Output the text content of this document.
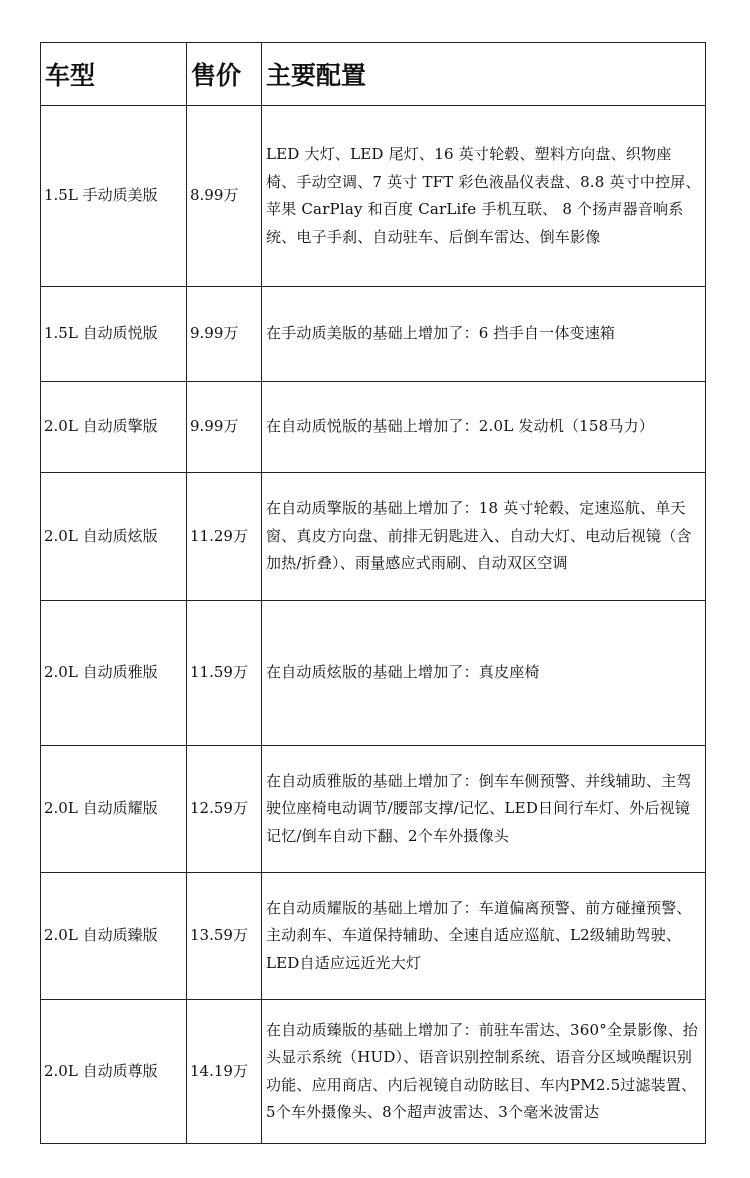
车型	售价	主要配置
1.5L 手动质美版	8.99万	LED 大灯、LED 尾灯、16 英寸轮毂、塑料方向盘、织物座椅、手动空调、7 英寸 TFT 彩色液晶仪表盘、8.8 英寸中控屏、苹果 CarPlay 和百度 CarLife 手机互联、 8 个扬声器音响系统、电子手刹、自动驻车、后倒车雷达、倒车影像
1.5L 自动质悦版	9.99万	在手动质美版的基础上增加了：6 挡手自一体变速箱
2.0L 自动质擎版	9.99万	在自动质悦版的基础上增加了：2.0L 发动机（158马力）
2.0L 自动质炫版	11.29万	在自动质擎版的基础上增加了：18 英寸轮毂、定速巡航、单天窗、真皮方向盘、前排无钥匙进入、自动大灯、电动后视镜（含加热/折叠）、雨量感应式雨刷、自动双区空调
2.0L 自动质雅版	11.59万	在自动质炫版的基础上增加了：真皮座椅
2.0L 自动质耀版	12.59万	在自动质雅版的基础上增加了：倒车车侧预警、并线辅助、主驾驶位座椅电动调节/腰部支撑/记忆、LED日间行车灯、外后视镜记忆/倒车自动下翻、2个车外摄像头
2.0L 自动质臻版	13.59万	在自动质耀版的基础上增加了：车道偏离预警、前方碰撞预警、主动刹车、车道保持辅助、全速自适应巡航、L2级辅助驾驶、LED自适应远近光大灯
2.0L 自动质尊版	14.19万	在自动质臻版的基础上增加了：前驻车雷达、360°全景影像、抬头显示系统（HUD）、语音识别控制系统、语音分区域唤醒识别功能、应用商店、内后视镜自动防眩目、车内PM2.5过滤装置、5个车外摄像头、8个超声波雷达、3个毫米波雷达
